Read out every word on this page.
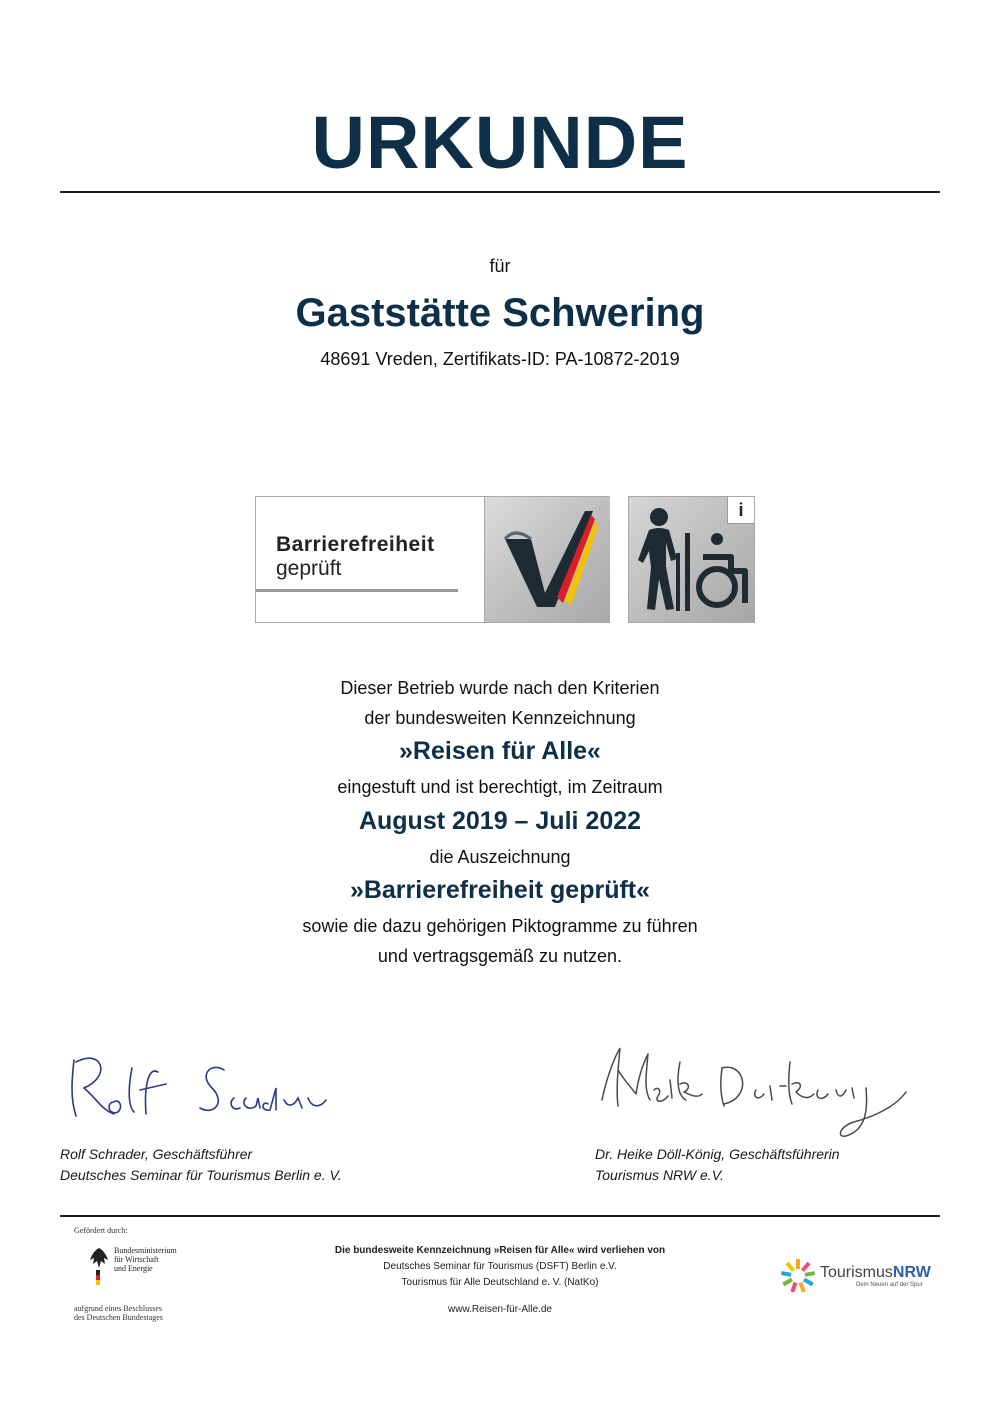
URKUNDE
für
Gaststätte Schwering
48691 Vreden, Zertifikats-ID: PA-10872-2019
Barrierefreiheit
geprüft
i
Dieser Betrieb wurde nach den Kriterien
der bundesweiten Kennzeichnung
»Reisen für Alle«
eingestuft und ist berechtigt, im Zeitraum
August 2019 – Juli 2022
die Auszeichnung
»Barrierefreiheit geprüft«
sowie die dazu gehörigen Piktogramme zu führen
und vertragsgemäß zu nutzen.
Rolf Schrader, Geschäftsführer
Deutsches Seminar für Tourismus Berlin e. V.
Dr. Heike Döll-König, Geschäftsführerin
Tourismus NRW e.V.
Gefördert durch:
Bundesministerium
für Wirtschaft
und Energie
aufgrund eines Beschlusses
des Deutschen Bundestages
Die bundesweite Kennzeichnung »Reisen für Alle« wird verliehen von
Deutsches Seminar für Tourismus (DSFT) Berlin e.V.
Tourismus für Alle Deutschland e. V. (NatKo)
www.Reisen-für-Alle.de
TourismusNRW
Dem Neuen auf der Spur
